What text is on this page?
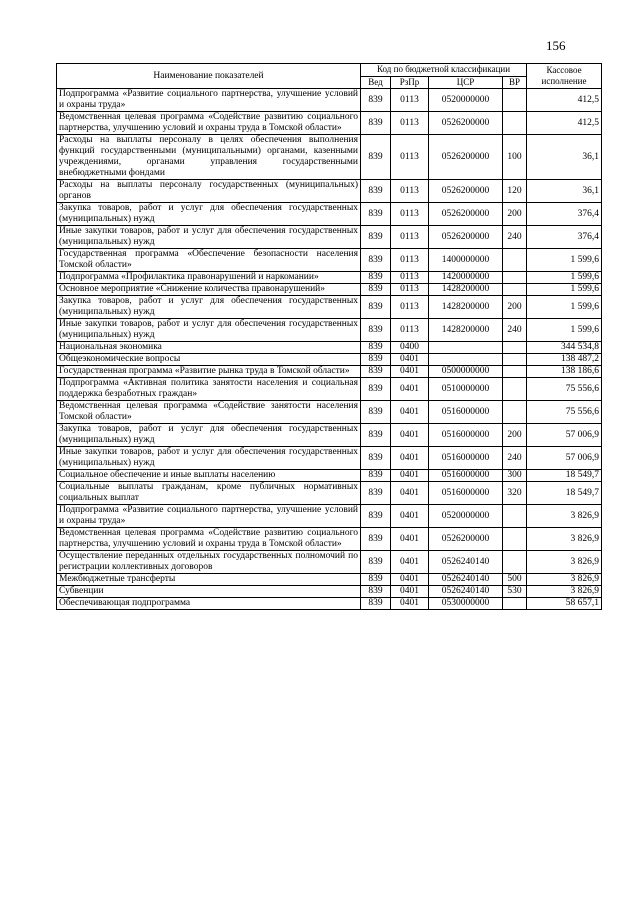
156
Наименование показателей	Код по бюджетной классификации				Кассовое исполнение
	Вед	РзПр	ЦСР	ВР	
Подпрограмма «Развитие социального партнерства, улучшение условий и охраны труда»	839	0113	0520000000		412,5
Ведомственная целевая программа «Содействие развитию социального партнерства, улучшению условий и охраны труда в Томской области»	839	0113	0526200000		412,5
Расходы на выплаты персоналу в целях обеспечения выполнения функций государственными (муниципальными) органами, казенными учреждениями, органами управления государственными внебюджетными фондами	839	0113	0526200000	100	36,1
Расходы на выплаты персоналу государственных (муниципальных) органов	839	0113	0526200000	120	36,1
Закупка товаров, работ и услуг для обеспечения государственных (муниципальных) нужд	839	0113	0526200000	200	376,4
Иные закупки товаров, работ и услуг для обеспечения государственных (муниципальных) нужд	839	0113	0526200000	240	376,4
Государственная программа «Обеспечение безопасности населения Томской области»	839	0113	1400000000		1 599,6
Подпрограмма «Профилактика правонарушений и наркомании»	839	0113	1420000000		1 599,6
Основное мероприятие «Снижение количества правонарушений»	839	0113	1428200000		1 599,6
Закупка товаров, работ и услуг для обеспечения государственных (муниципальных) нужд	839	0113	1428200000	200	1 599,6
Иные закупки товаров, работ и услуг для обеспечения государственных (муниципальных) нужд	839	0113	1428200000	240	1 599,6
Национальная экономика	839	0400			344 534,8
Общеэкономические вопросы	839	0401			138 487,2
Государственная программа «Развитие рынка труда в Томской области»	839	0401	0500000000		138 186,6
Подпрограмма «Активная политика занятости населения и социальная поддержка безработных граждан»	839	0401	0510000000		75 556,6
Ведомственная целевая программа «Содействие занятости населения Томской области»	839	0401	0516000000		75 556,6
Закупка товаров, работ и услуг для обеспечения государственных (муниципальных) нужд	839	0401	0516000000	200	57 006,9
Иные закупки товаров, работ и услуг для обеспечения государственных (муниципальных) нужд	839	0401	0516000000	240	57 006,9
Социальное обеспечение и иные выплаты населению	839	0401	0516000000	300	18 549,7
Социальные выплаты гражданам, кроме публичных нормативных социальных выплат	839	0401	0516000000	320	18 549,7
Подпрограмма «Развитие социального партнерства, улучшение условий и охраны труда»	839	0401	0520000000		3 826,9
Ведомственная целевая программа «Содействие развитию социального партнерства, улучшению условий и охраны труда в Томской области»	839	0401	0526200000		3 826,9
Осуществление переданных отдельных государственных полномочий по регистрации коллективных договоров	839	0401	0526240140		3 826,9
Межбюджетные трансферты	839	0401	0526240140	500	3 826,9
Субвенции	839	0401	0526240140	530	3 826,9
Обеспечивающая подпрограмма	839	0401	0530000000		58 657,1
